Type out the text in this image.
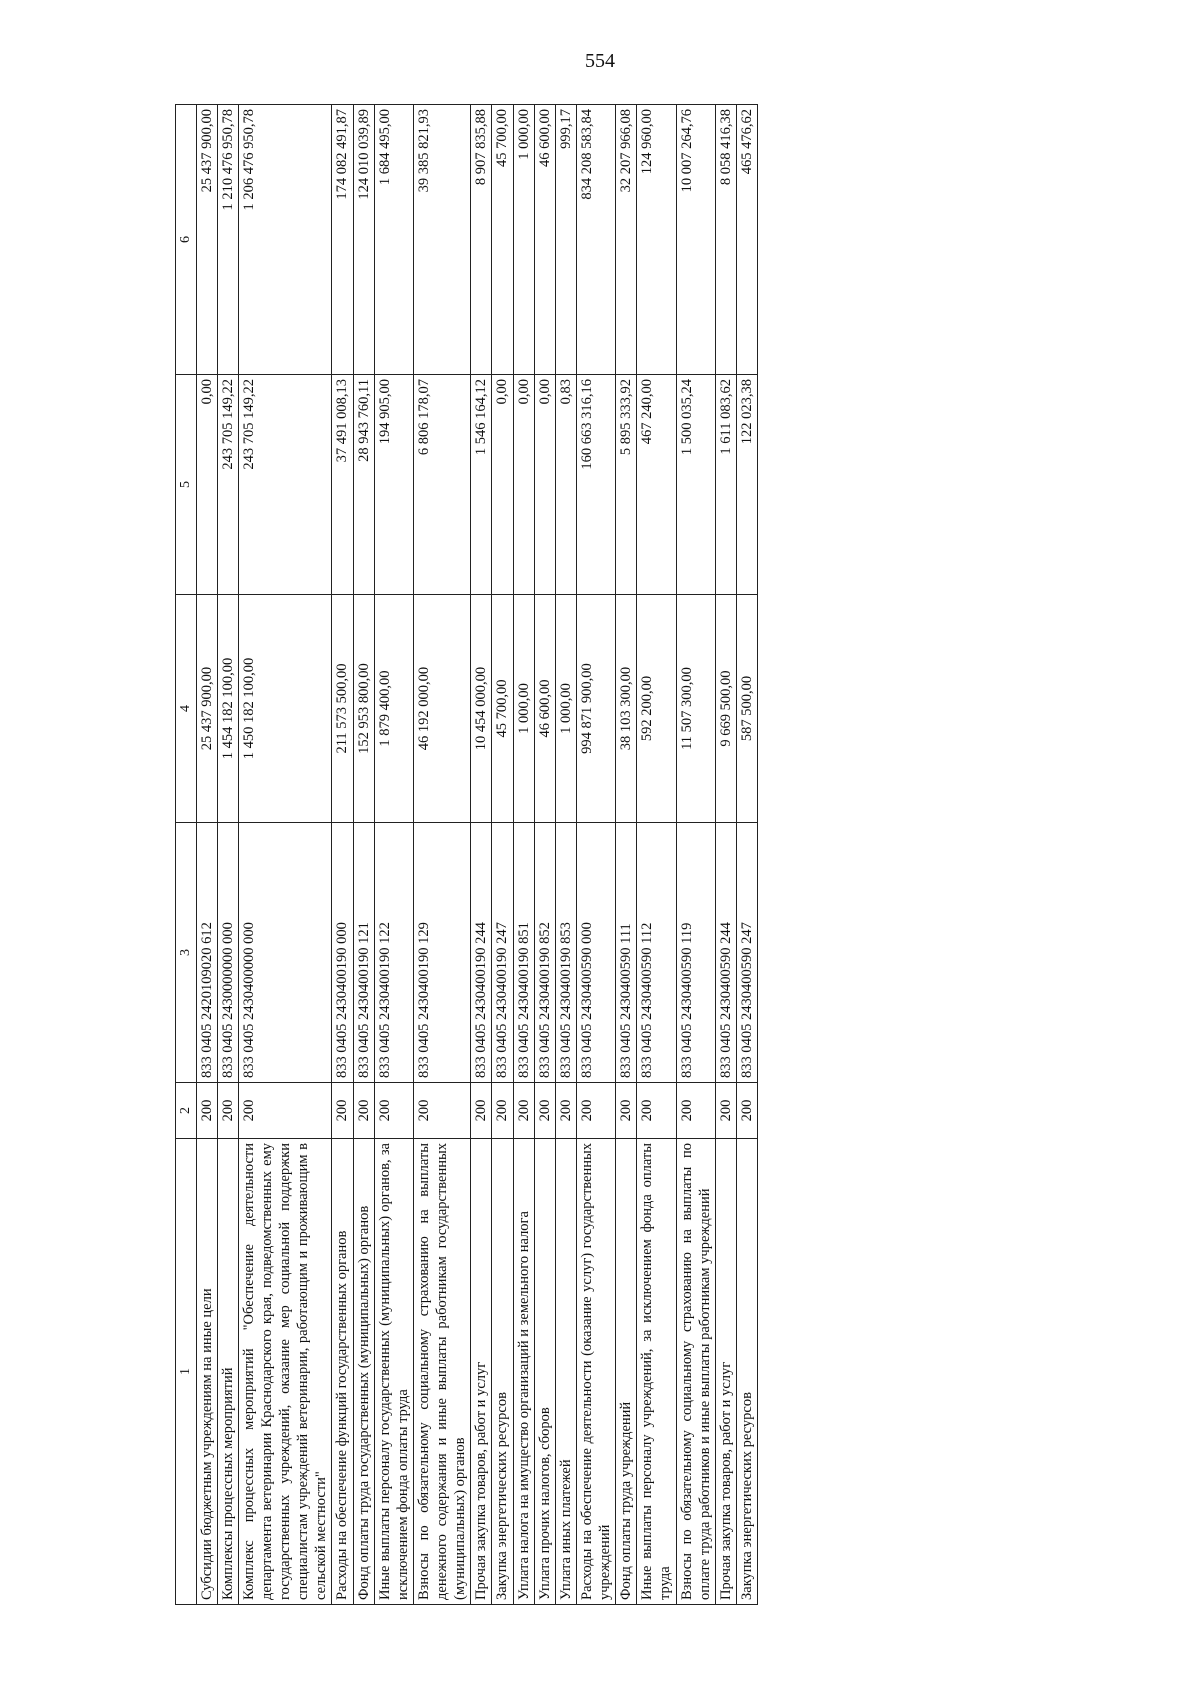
554
1	2	3	4	5	6
Субсидии бюджетным учреждениям на иные цели	200	833 0405 2420109020 612	25 437 900,00	0,00	25 437 900,00
Комплексы процессных мероприятий	200	833 0405 2430000000 000	1 454 182 100,00	243 705 149,22	1 210 476 950,78
Комплекс процессных мероприятий "Обеспечение деятельности департамента ветеринарии Краснодарского края, подведомственных ему государственных учреждений, оказание мер социальной поддержки специалистам учреждений ветеринарии, работающим и проживающим в сельской местности"	200	833 0405 2430400000 000	1 450 182 100,00	243 705 149,22	1 206 476 950,78
Расходы на обеспечение функций государственных органов	200	833 0405 2430400190 000	211 573 500,00	37 491 008,13	174 082 491,87
Фонд оплаты труда государственных (муниципальных) органов	200	833 0405 2430400190 121	152 953 800,00	28 943 760,11	124 010 039,89
Иные выплаты персоналу государственных (муниципальных) органов, за исключением фонда оплаты труда	200	833 0405 2430400190 122	1 879 400,00	194 905,00	1 684 495,00
Взносы по обязательному социальному страхованию на выплаты денежного содержания и иные выплаты работникам государственных (муниципальных) органов	200	833 0405 2430400190 129	46 192 000,00	6 806 178,07	39 385 821,93
Прочая закупка товаров, работ и услуг	200	833 0405 2430400190 244	10 454 000,00	1 546 164,12	8 907 835,88
Закупка энергетических ресурсов	200	833 0405 2430400190 247	45 700,00	0,00	45 700,00
Уплата налога на имущество организаций и земельного налога	200	833 0405 2430400190 851	1 000,00	0,00	1 000,00
Уплата прочих налогов, сборов	200	833 0405 2430400190 852	46 600,00	0,00	46 600,00
Уплата иных платежей	200	833 0405 2430400190 853	1 000,00	0,83	999,17
Расходы на обеспечение деятельности (оказание услуг) государственных учреждений	200	833 0405 2430400590 000	994 871 900,00	160 663 316,16	834 208 583,84
Фонд оплаты труда учреждений	200	833 0405 2430400590 111	38 103 300,00	5 895 333,92	32 207 966,08
Иные выплаты персоналу учреждений, за исключением фонда оплаты труда	200	833 0405 2430400590 112	592 200,00	467 240,00	124 960,00
Взносы по обязательному социальному страхованию на выплаты по оплате труда работников и иные выплаты работникам учреждений	200	833 0405 2430400590 119	11 507 300,00	1 500 035,24	10 007 264,76
Прочая закупка товаров, работ и услуг	200	833 0405 2430400590 244	9 669 500,00	1 611 083,62	8 058 416,38
Закупка энергетических ресурсов	200	833 0405 2430400590 247	587 500,00	122 023,38	465 476,62
